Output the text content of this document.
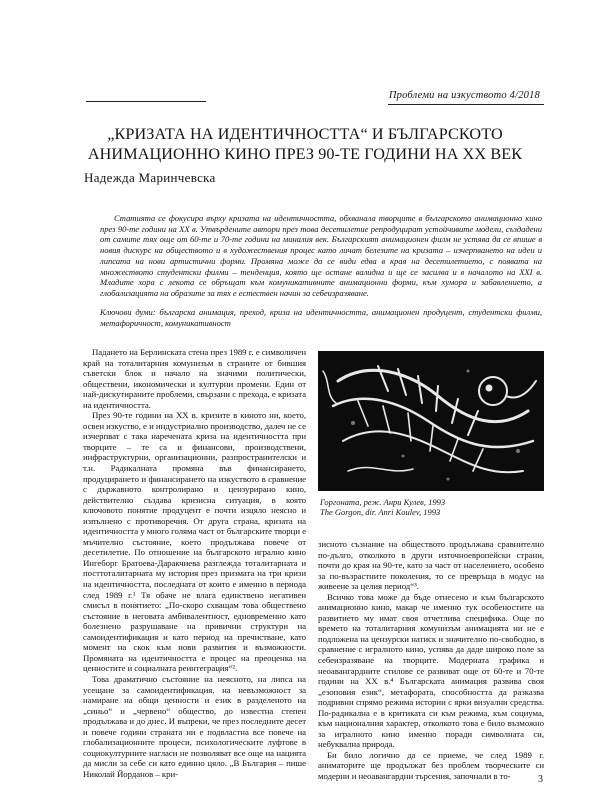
Проблеми на изкуството 4/2018
„КРИЗАТА НА ИДЕНТИЧНОСТТА“ И БЪЛГАРСКОТО
АНИМАЦИОННО КИНО ПРЕЗ 90-ТЕ ГОДИНИ НА XX ВЕК
Надежда Маринчевска
Статията се фокусира върху кризата на идентичността, обхванала творците в българското анимационно кино през 90-те години на XX в. Утвърдените автори през това десетилетие репродуцират устойчивите модели, създадени от самите тях още от 60-те и 70-те години на миналия век. Българският анимационен филм не устява да се впише в новия дискурс на обществото и в художествения процес като личат белезите на кризата – изчерпването на идеи и липсата на нови артистични форми. Промяна може да се види едва в края на десетилетието, с появата на множеството студентски филми – тенденция, която ще остане валидна и ще се засилва и в началото на XXI в. Младите хора с лекота се обръщат към комуникативните анимационни форми, към хумора и забавлението, а глобализацията на образите за тях е естествен начин за себеизразяване.
Ключови думи: българска анимация, преход, криза на идентичността, анимационен продуцент, студентски филми, метафоричност, комуникативност

Падането на Берлинската стена през 1989 г. е символичен край на тоталитарния комунизъм в страните от бившия съветски блок и начало на значими политически, обществени, икономически и културни промени. Един от най-дискутираните проблеми, свързани с прехода, е кризата на идентичността.

През 90-те години на XX в. кризите в киното ни, което, освен изкуство, е и индустриално производство, далеч не се изчерпват с така наречената криза на идентичността при творците – те са и финансови, производствени, инфраструктурни, организационни, разпространителски и т.н. Радикалната промяна във финансирането, продуцирането и финансирането на изкуството в сравнение с държавното контролирано и цензурирано кино, действително създава кризисна ситуация, в която ключовото понятие продуцент е почти изцяло неясно и изпълнено с противоречия. От друга страна, кризата на идентичността у много голяма част от българските творци е мъчително състояние, което продължава повече от десетилетие. По отношение на българското игрално кино Ингеборг Братоева-Даракчиева разглежда тоталитарната и посттоталитарната му история през призмата на три кризи на идентичността, последната от които е именно в периода след 1989 г.¹ Тя обаче не влага единствено негативен смисъл в понятието: „По-скоро схващам това обществено състояние в неговата амбивалентност, едновременно като болезнено разрушаване на привични структури на самоидентификация и като период на пречистване, като момент на скок към нови развития и възможности. Промяната на идентичността е процес на преоценка на ценностите и социалната реинтеграция“².

Това драматично състояние на неясното, на липса на усещане за самоидентификация, на невъзможност за намиране на общи ценности и език в разделеното на „синьо“ и „червено“ общество, до известна степен продължава и до днес. И въпреки, че през последните десет и повече години страната ни е подвластна все повече на глобализационните процеси, психологическите луфтове в социокултурните нагласи не позволяват все още на нацията да мисли за себе си като единно цяло. „В България – пише Николай Йорданов – кри-

Горгоната, реж. Анри Кулев, 1993
The Gorgon, dir. Anri Koulev, 1993

зисното съзнание на обществото продължава сравнително по-дълго, отколкото в други източноевропейски страни, почти до края на 90-те, като за част от населението, особено за по-възрастните поколения, то се превръща в модус на живеене за целия период“³.

Всичко това може да бъде отнесено и към българското анимационно кино, макар че именно тук особеностите на развитието му имат своя отчетлива специфика. Още по времето на тоталитарния комунизъм анимацията ни не е подложена на цензурски натиск и значително по-свободно, в сравнение с игралното кино, успява да даде широко поле за себеизразяване на творците. Модерната графика и неоавангардните стилове се развиват още от 60-те и 70-те години на XX в.⁴ Българската анимация развива своя „езоповия език“, метафората, способността да разказва подривни спрямо режима истории с ярки визуални средства. По-радикална е в критиката си към режима, към социума, към националния характер, отколкото това е било възможно за игралното кино именно поради символната си, небуквална природа.

Би било логично да се приеме, че след 1989 г. аниматорите ще продължат без проблем творческите си модерни и неоавангардни търсения, започнали в то-	3
